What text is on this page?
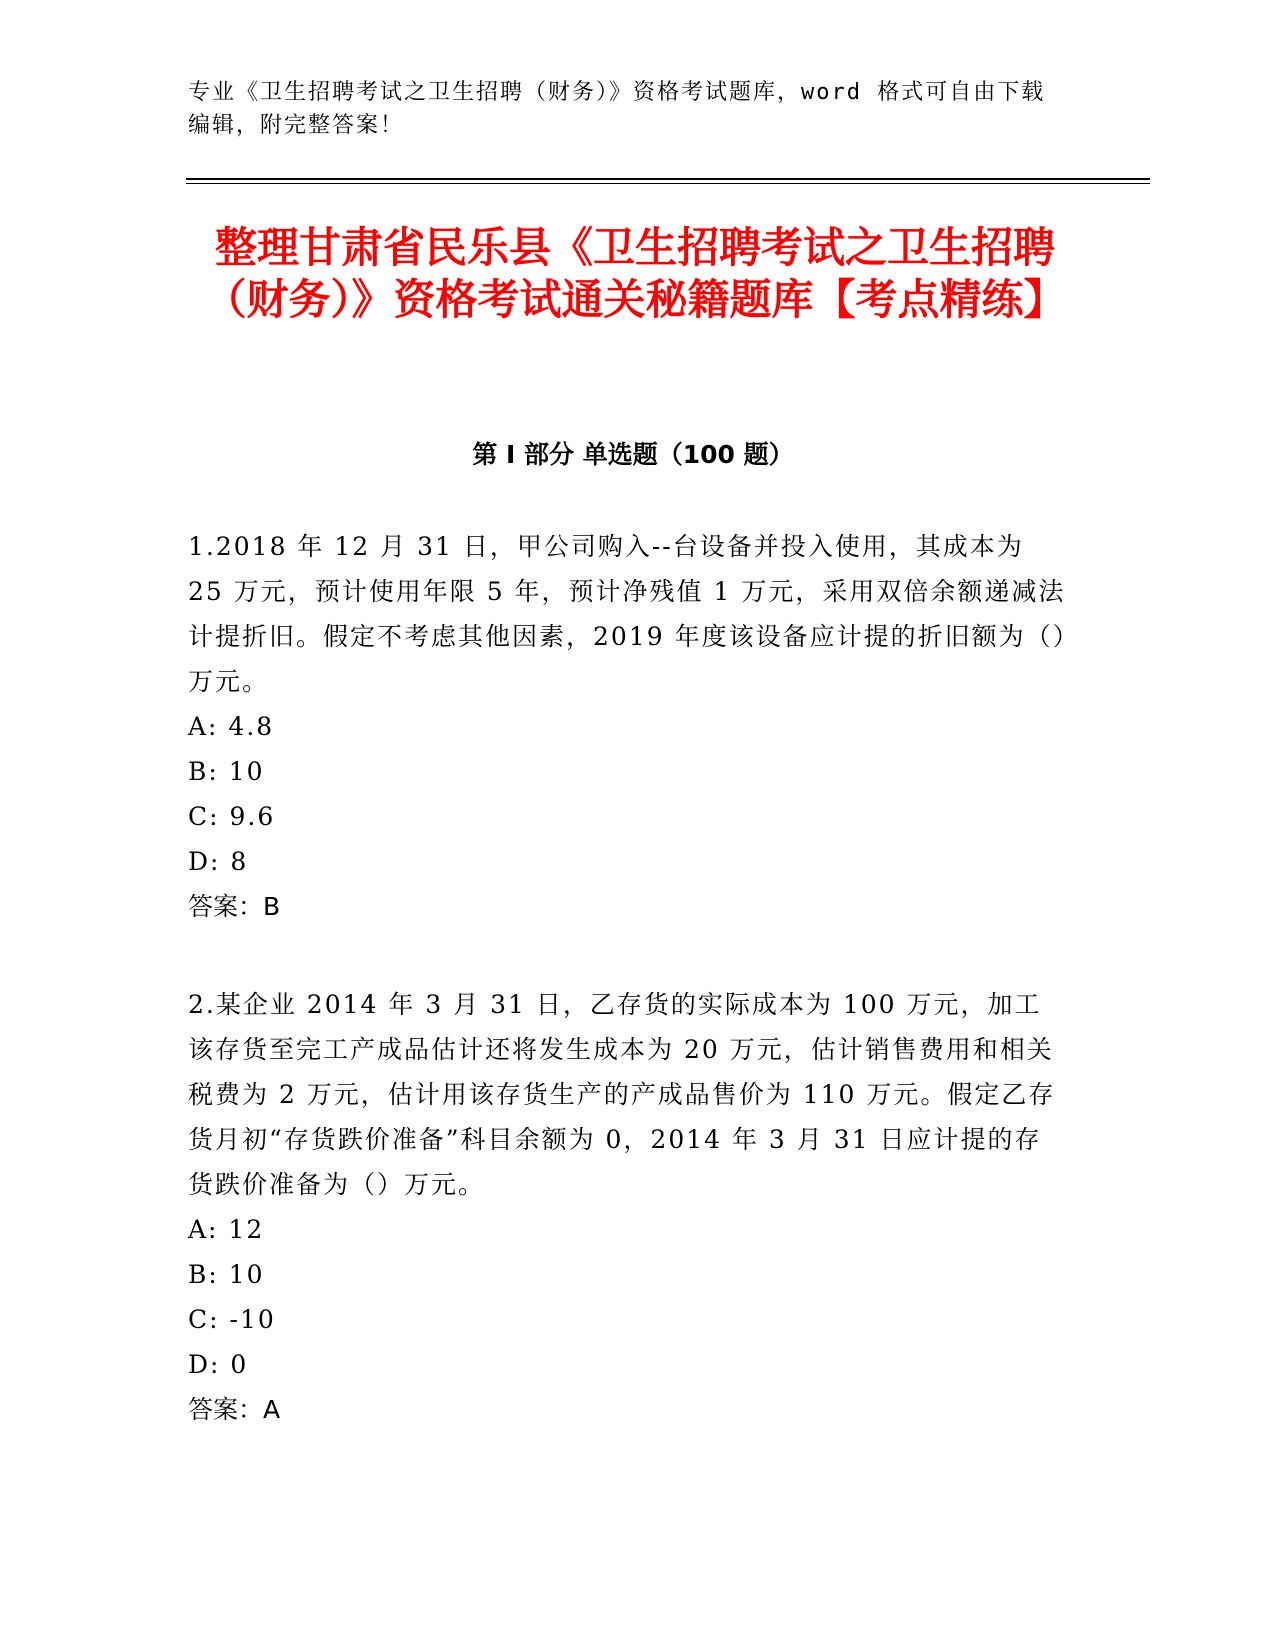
专业《卫生招聘考试之卫生招聘（财务）》资格考试题库，word 格式可自由下载编辑，附完整答案！
整理甘肃省民乐县《卫生招聘考试之卫生招聘（财务）》资格考试通关秘籍题库【考点精练】
第 I 部分 单选题（100 题）

1.2018 年 12 月 31 日，甲公司购入--台设备并投入使用，其成本为 25 万元，预计使用年限 5 年，预计净残值 1 万元，采用双倍余额递减法计提折旧。假定不考虑其他因素，2019 年度该设备应计提的折旧额为（）万元。

A: 4.8

B: 10

C: 9.6

D: 8

答案：B

2.某企业 2014 年 3 月 31 日，乙存货的实际成本为 100 万元，加工该存货至完工产成品估计还将发生成本为 20 万元，估计销售费用和相关税费为 2 万元，估计用该存货生产的产成品售价为 110 万元。假定乙存货月初“存货跌价准备”科目余额为 0，2014 年 3 月 31 日应计提的存货跌价准备为（）万元。

A: 12

B: 10

C: -10

D: 0

答案：A
